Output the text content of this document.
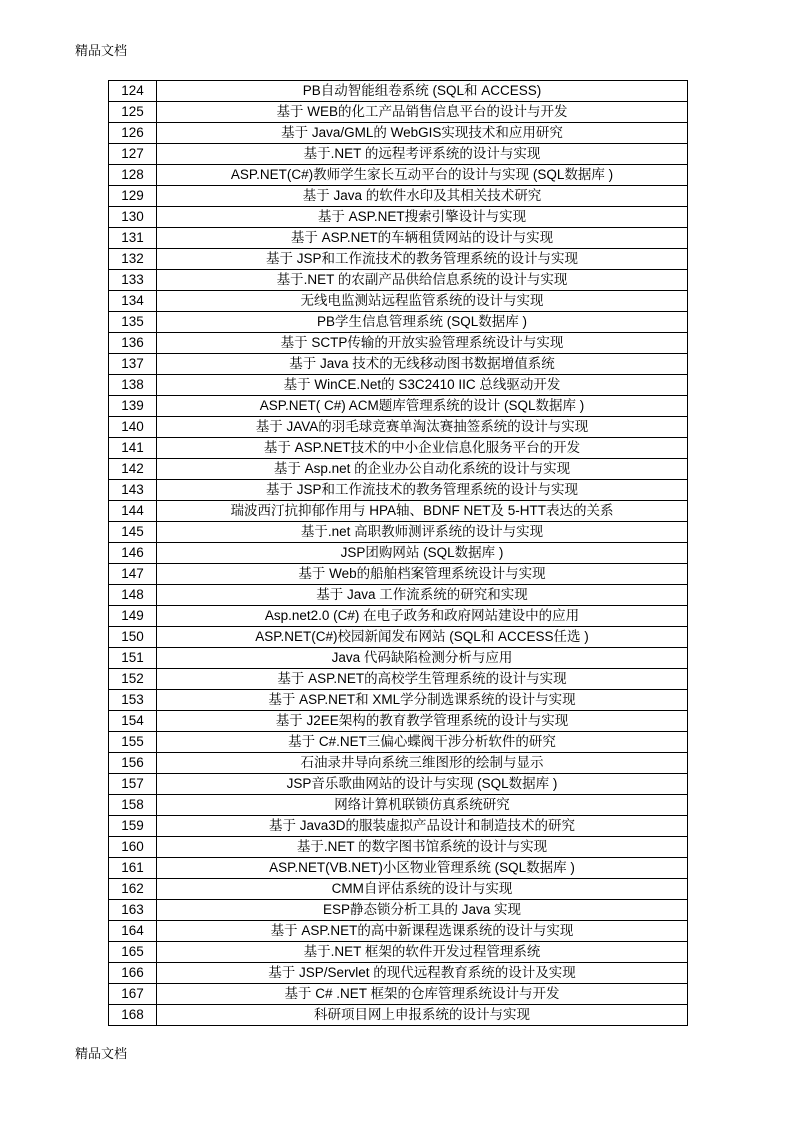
精品文档
124	PB自动智能组卷系统 (SQL和 ACCESS)
125	基于 WEB的化工产品销售信息平台的设计与开发
126	基于 Java/GML的 WebGIS实现技术和应用研究
127	基于.NET 的远程考评系统的设计与实现
128	ASP.NET(C#)教师学生家长互动平台的设计与实现 (SQL数据库 )
129	基于 Java 的软件水印及其相关技术研究
130	基于 ASP.NET搜索引擎设计与实现
131	基于 ASP.NET的车辆租赁网站的设计与实现
132	基于 JSP和工作流技术的教务管理系统的设计与实现
133	基于.NET 的农副产品供给信息系统的设计与实现
134	无线电监测站远程监管系统的设计与实现
135	PB学生信息管理系统 (SQL数据库 )
136	基于 SCTP传输的开放实验管理系统设计与实现
137	基于 Java 技术的无线移动图书数据增值系统
138	基于 WinCE.Net的 S3C2410 IIC 总线驱动开发
139	ASP.NET( C#) ACM题库管理系统的设计 (SQL数据库 )
140	基于 JAVA的羽毛球竞赛单淘汰赛抽签系统的设计与实现
141	基于 ASP.NET技术的中小企业信息化服务平台的开发
142	基于 Asp.net 的企业办公自动化系统的设计与实现
143	基于 JSP和工作流技术的教务管理系统的设计与实现
144	瑞波西汀抗抑郁作用与 HPA轴、BDNF NET及 5-HTT表达的关系
145	基于.net 高职教师测评系统的设计与实现
146	JSP团购网站 (SQL数据库 )
147	基于 Web的船舶档案管理系统设计与实现
148	基于 Java 工作流系统的研究和实现
149	Asp.net2.0 (C#) 在电子政务和政府网站建设中的应用
150	ASP.NET(C#)校园新闻发布网站 (SQL和 ACCESS任选 )
151	Java 代码缺陷检测分析与应用
152	基于 ASP.NET的高校学生管理系统的设计与实现
153	基于 ASP.NET和 XML学分制选课系统的设计与实现
154	基于 J2EE架构的教育教学管理系统的设计与实现
155	基于 C#.NET三偏心蝶阀干涉分析软件的研究
156	石油录井导向系统三维图形的绘制与显示
157	JSP音乐歌曲网站的设计与实现 (SQL数据库 )
158	网络计算机联锁仿真系统研究
159	基于 Java3D的服装虚拟产品设计和制造技术的研究
160	基于.NET 的数字图书馆系统的设计与实现
161	ASP.NET(VB.NET)小区物业管理系统 (SQL数据库 )
162	CMM自评估系统的设计与实现
163	ESP静态锁分析工具的 Java 实现
164	基于 ASP.NET的高中新课程选课系统的设计与实现
165	基于.NET 框架的软件开发过程管理系统
166	基于 JSP/Servlet 的现代远程教育系统的设计及实现
167	基于 C# .NET 框架的仓库管理系统设计与开发
168	科研项目网上申报系统的设计与实现
精品文档
